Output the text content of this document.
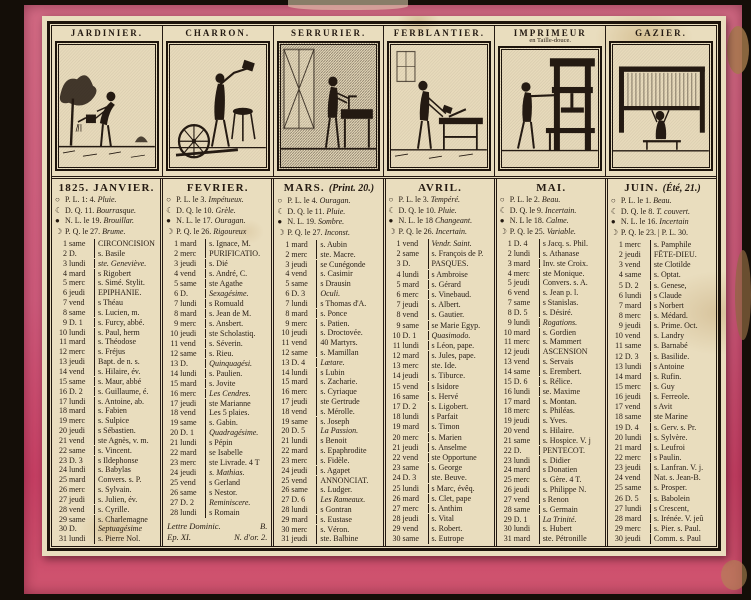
JARDINIER.	CHARRON.	SERRURIER.	FERBLANTIER.	IMPRIMEUR
en Taille-douce.
GAZIER.
1825. JANVIER.
○ P. L. 1: 4. Pluie.
☾ D. Q. 11. Bourrasque.
● N. L. le 19. Brouillar.
☽ P. Q. le 27. Brume.
1 same	CIRCONCISION
2 D.	s. Basile
3 lundi	ste. Geneviève.
4 mard	s Rigobert
5 merc	s. Simé. Stylit.
6 jeudi	EPIPHANIE.
7 vend	s Théau
8 same	s. Lucien, m.
9 D. 1	s. Furcy, abbé.
10 lundi	s. Paul, herm
11 mard	s. Théodose
12 merc	s. Fréjus
13 jeudi	Bapt. de n. s.
14 vend	s. Hilaire, év.
15 same	s. Maur, abbé
16 D. 2	s. Guillaume, é.
17 lundi	s. Antoine, ab.
18 mard	s. Fabien
19 merc	s. Sulpice
20 jeudi	s Sébastien.
21 vend	ste Agnès, v. m.
22 same	s. Vincent.
23 D. 3	s Ildephonse
24 lundi	s. Babylas
25 mard	Convers. s. P.
26 merc	s. Sylvain.
27 jeudi	s. Julien, év.
28 vend	s. Cyrille.
29 same	s. Charlemagne
30 D.	Septuagésime
31 lundi	s. Pierre Nol.
FEVRIER.
○ P. L. le 3. Impétueux.
☾ D. Q. le 10. Grèle.
● N. L. le 17. Ouragan.
☽ P. Q. le 26. Rigoureux
1 mard	s. Ignace, M.
2 merc	PURIFICATIO.
3 jeudi	s. Dié
4 vend	s. André, C.
5 same	ste Agathe
6 D.	Sexagésime.
7 lundi	s Romuald
8 mard	s. Jean de M.
9 merc	s. Ansbert.
10 jeudi	ste Scholastiq.
11 vend	s. Séverin.
12 same	s. Rieu.
13 D.	Quinquagési.
14 lundi	s. Paulien.
15 mard	s. Jovite
16 merc	Les Cendres.
17 jeudi	ste Marianne
18 vend	Les 5 plaies.
19 same	s. Gabin.
20 D. 1	Quadragésime.
21 lundi	s Pépin
22 mard	se Isabelle
23 merc	ste Livrade. 4 T
24 jeudi	s. Mathias.
25 vend	s Gerland
26 same	s Nestor.
27 D. 2	Reminiscere.
28 lundi	s Romain
Lettre Dominic.	B.
Ep. XI.	N. d'or. 2.
MARS. (Print. 20.)
○ P. L. le 4. Ouragan.
☾ D. Q. le 11. Pluie.
● N. L. 19. Sombre.
☽ P. Q. le 27. Inconst.
1 mard	s. Aubin
2 merc	ste. Macre.
3 jeudi	se Cunégonde
4 vend	s. Casimir
5 same	s Drausin
6 D. 3	Oculi.
7 lundi	s Thomas d'A.
8 mard	s. Ponce
9 merc	s. Patien.
10 jeudi	s. Droctovée.
11 vend	40 Martyrs.
12 same	s. Mamillan
13 D. 4	Lætare.
14 lundi	s Lubin
15 mard	s. Zacharie.
16 merc	s. Cyriaque
17 jeudi	ste Gertrude
18 vend	s. Mérolle.
19 same	s. Joseph
20 D. 5	La Passion.
21 lundi	s Benoit
22 mard	s. Epaphrodite
23 merc	s. Fidèle.
24 jeudi	s. Agapet
25 vend	ANNONCIAT.
26 same	s. Ludger.
27 D. 6	Les Rameaux.
28 lundi	s Gontran
29 mard	s. Eustase
30 merc	s. Véron.
31 jeudi	ste. Balbine
AVRIL.
○ P. L. le 3. Tempéré.
☾ D. Q. le 10. Pluie.
● N. L. le 18 Changeant.
☽ P. Q. le 26. Incertain.
1 vend	Vendr. Saint.
2 same	s. François de P.
3 D.	PASQUES.
4 lundi	s Ambroise
5 mard	s. Gérard
6 merc	s. Vinebaud.
7 jeudi	s. Albert.
8 vend	s. Gautier.
9 same	se Marie Egyp.
10 D. 1	Quasimodo.
11 lundi	s Léon, pape.
12 mard	s. Jules, pape.
13 merc	ste. Ide.
14 jeudi	s. Tiburce.
15 vend	s Isidore
16 same	s. Hervé
17 D. 2	s. Ligobert.
18 lundi	s Parfait
19 mard	s. Timon
20 merc	s. Marien
21 jeudi	s. Anselme
22 vend	ste Opportune
23 same	s. George
24 D. 3	ste. Beuve.
25 lundi	s Marc, évêq.
26 mard	s. Clet, pape
27 merc	s. Anthim
28 jeudi	s. Vital
29 vend	s. Robert.
30 same	s. Eutrope
MAI.
○ P. L. le 2. Beau.
☾ D. Q. le 9. Incertain.
● N. L le 18. Calme.
☽ P. Q. le 25. Variable.
1 D. 4	s Jacq. s. Phil.
2 lundi	s. Athanase
3 mard	Inv. ste Croix.
4 merc	ste Monique.
5 jeudi	Convers. s. A.
6 vend	s. Jean p. l.
7 same	s Stanislas.
8 D. 5	s. Désiré.
9 lundi	Rogations.
10 mard	s. Gordien
11 merc	s. Mammert
12 jeudi	ASCENSION
13 vend	s. Servais
14 same	s. Erembert.
15 D. 6	s. Rélice.
16 lundi	se. Maxime
17 mard	s. Montan.
18 merc	s. Philéas.
19 jeudi	s. Yves.
20 vend	s. Hilaire.
21 same	s. Hospice. V. j
22 D.	PENTECOT.
23 lundi	s. Didier
24 mard	s Donatien
25 merc	s. Gère. 4 T.
26 jeudi	s. Philippe N.
27 vend	s Renon
28 same	s. Germain
29 D. 1	La Trinité.
30 lundi	s. Hubert
31 mard	ste. Pétronille
JUIN. (Été, 21.)
○ P. L. le 1. Beau.
☾ D. Q. le 8. T. couvert.
● N. L. le 16. Incertain
☽ P. Q. le 23. | P. L. 30.
1 merc	s. Pamphile
2 jeudi	FÊTE-DIEU.
3 vend	ste Clotilde
4 same	s. Optat.
5 D. 2	s. Genese,
6 lundi	s Claude
7 mard	s Norbert
8 merc	s. Médard.
9 jeudi	s. Prime. Oct.
10 vend	s. Landry
11 same	s. Barnabé
12 D. 3	s. Basilide.
13 lundi	s Antoine
14 mard	s. Rufin.
15 merc	s. Guy
16 jeudi	s. Ferreole.
17 vend	s Avit
18 same	ste Marine
19 D. 4	s. Gerv. s. Pr.
20 lundi	s. Sylvère.
21 mard	s. Leufroi
22 merc	s Paulin.
23 jeudi	s. Lanfran. V. j.
24 vend	Nat. s. Jean-B.
25 same	s. Prosper.
26 D. 5	s. Babolein
27 lundi	s Crescent,
28 mard	s. Irénée. V. jeû
29 merc	s. Pier. s. Paul.
30 jeudi	Comm. s. Paul
